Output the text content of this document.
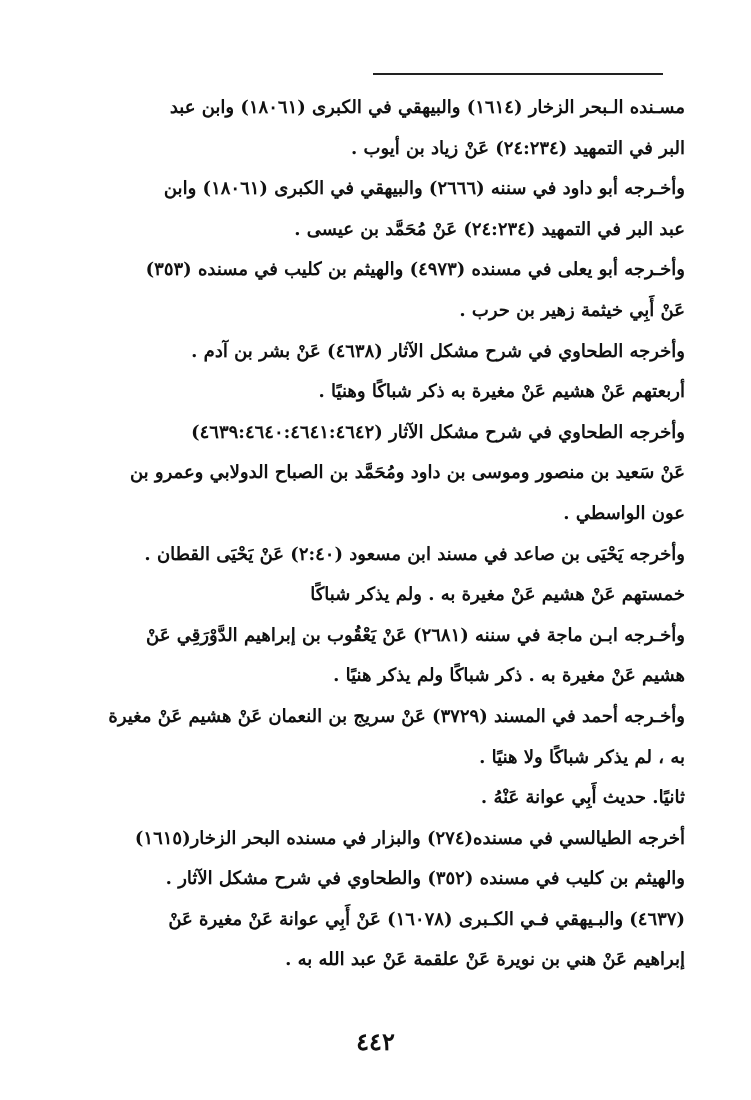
مسـنده الـبحر الزخار (١٦١٤) والبيهقي في الكبرى (١٨٠٦١) وابن عبد
البر في التمهيد (٢٤:٢٣٤) عَنْ زياد بن أيوب .
وأخـرجه أبو داود في سننه (٢٦٦٦) والبيهقي في الكبرى (١٨٠٦١) وابن
عبد البر في التمهيد (٢٤:٢٣٤) عَنْ مُحَمَّد بن عيسى .
وأخـرجه أبو يعلى في مسنده (٤٩٧٣) والهيثم بن كليب في مسنده (٣٥٣)
عَنْ أَبِي خيثمة زهير بن حرب .
وأخرجه الطحاوي في شرح مشكل الآثار (٤٦٣٨) عَنْ بشر بن آدم .
أربعتهم عَنْ هشيم عَنْ مغيرة به ذكر شباكًا وهنيًا .
وأخرجه الطحاوي في شرح مشكل الآثار (٤٦٣٩:٤٦٤٠:٤٦٤١:٤٦٤٢)
عَنْ سَعيد بن منصور وموسى بن داود ومُحَمَّد بن الصباح الدولابي وعمرو بن
عون الواسطي .
وأخرجه يَحْيَى بن صاعد في مسند ابن مسعود (٢:٤٠) عَنْ يَحْيَى القطان .
خمستهم عَنْ هشيم عَنْ مغيرة به . ولم يذكر شباكًا
وأخـرجه ابـن ماجة في سننه (٢٦٨١) عَنْ يَعْقُوب بن إبراهيم الدَّوْرَقِي عَنْ
هشيم عَنْ مغيرة به . ذكر شباكًا ولم يذكر هنيًا .
وأخـرجه أحمد في المسند (٣٧٢٩) عَنْ سريج بن النعمان عَنْ هشيم عَنْ مغيرة
به ، لم يذكر شباكًا ولا هنيًا .
ثانيًا. حديث أَبِي عوانة عَنْهُ .
أخرجه الطيالسي في مسنده(٢٧٤) والبزار في مسنده البحر الزخار(١٦١٥)
والهيثم بن كليب في مسنده (٣٥٢) والطحاوي في شرح مشكل الآثار .
(٤٦٣٧) والبـيهقي فـي الكـبرى (١٦٠٧٨) عَنْ أَبِي عوانة عَنْ مغيرة عَنْ
إبراهيم عَنْ هني بن نويرة عَنْ علقمة عَنْ عبد الله به .
٤٤٢
